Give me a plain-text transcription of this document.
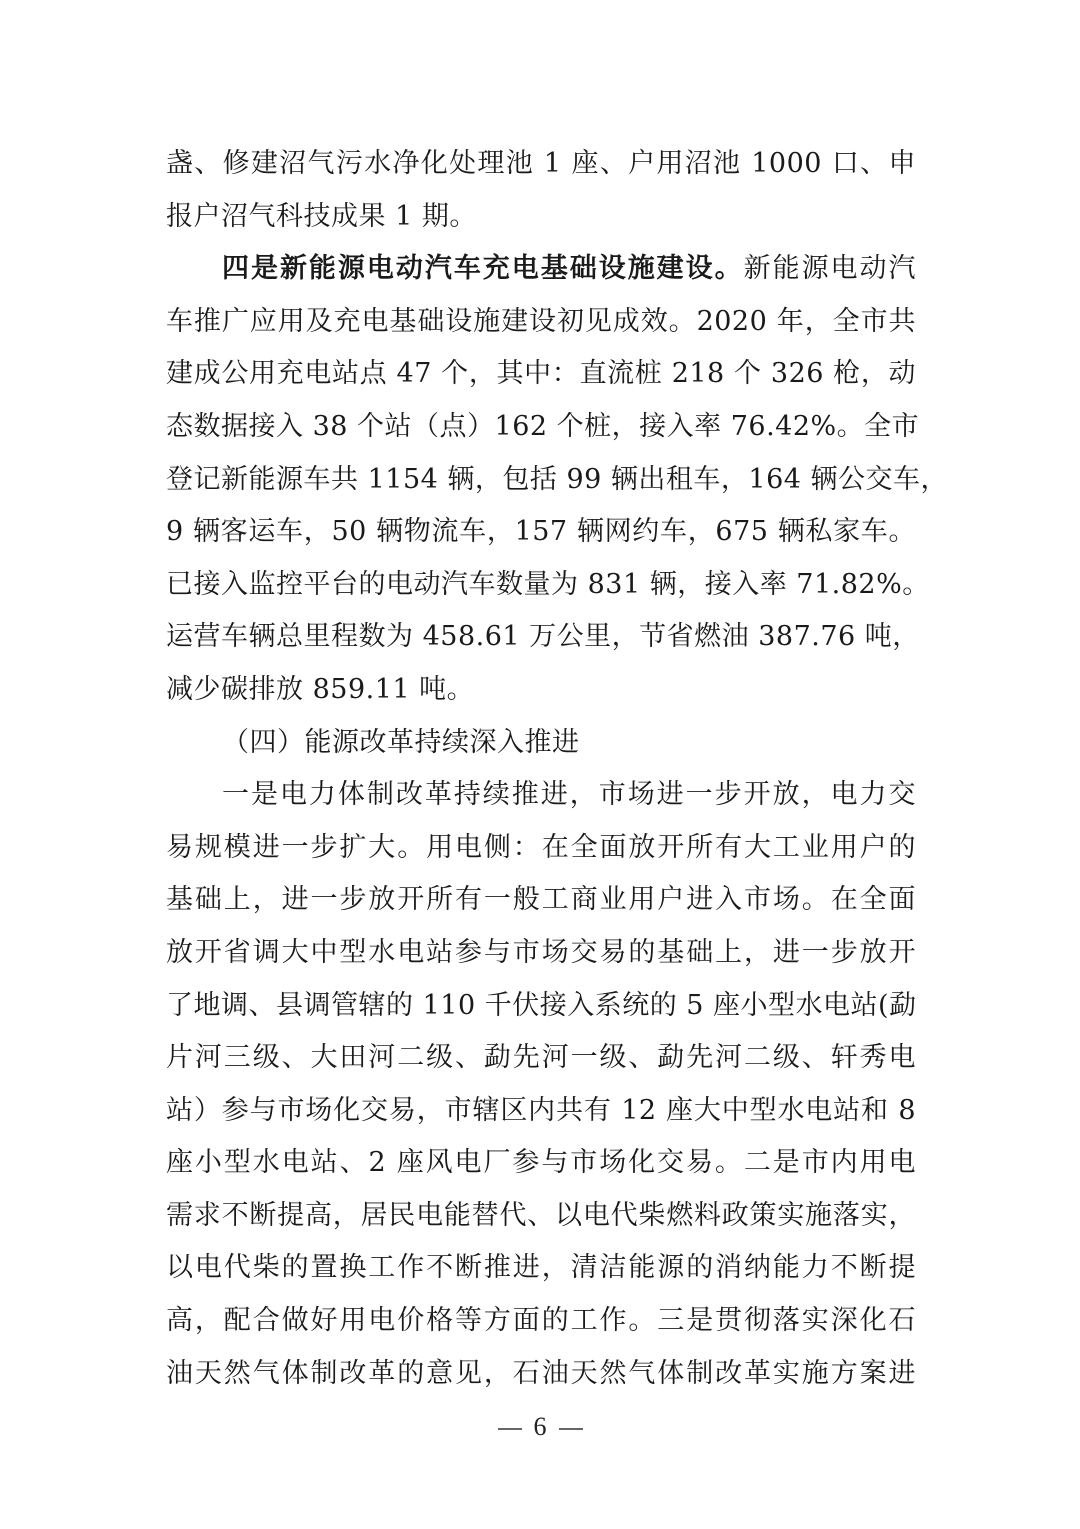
盏、修建沼气污水净化处理池 1 座、户用沼池 1000 口、申
报户沼气科技成果 1 期。
四是新能源电动汽车充电基础设施建设。新能源电动汽
车推广应用及充电基础设施建设初见成效。2020 年，全市共
建成公用充电站点 47 个，其中：直流桩 218 个 326 枪，动
态数据接入 38 个站（点）162 个桩，接入率 76.42%。全市
登记新能源车共 1154 辆，包括 99 辆出租车，164 辆公交车，
9 辆客运车，50 辆物流车，157 辆网约车，675 辆私家车。
已接入监控平台的电动汽车数量为 831 辆，接入率 71.82%。
运营车辆总里程数为 458.61 万公里，节省燃油 387.76 吨，
减少碳排放 859.11 吨。
（四）能源改革持续深入推进
一是电力体制改革持续推进，市场进一步开放，电力交
易规模进一步扩大。用电侧：在全面放开所有大工业用户的
基础上，进一步放开所有一般工商业用户进入市场。在全面
放开省调大中型水电站参与市场交易的基础上，进一步放开
了地调、县调管辖的 110 千伏接入系统的 5 座小型水电站(勐
片河三级、大田河二级、勐先河一级、勐先河二级、轩秀电
站）参与市场化交易，市辖区内共有 12 座大中型水电站和 8
座小型水电站、2 座风电厂参与市场化交易。二是市内用电
需求不断提高，居民电能替代、以电代柴燃料政策实施落实，
以电代柴的置换工作不断推进，清洁能源的消纳能力不断提
高，配合做好用电价格等方面的工作。三是贯彻落实深化石
油天然气体制改革的意见，石油天然气体制改革实施方案进
6
